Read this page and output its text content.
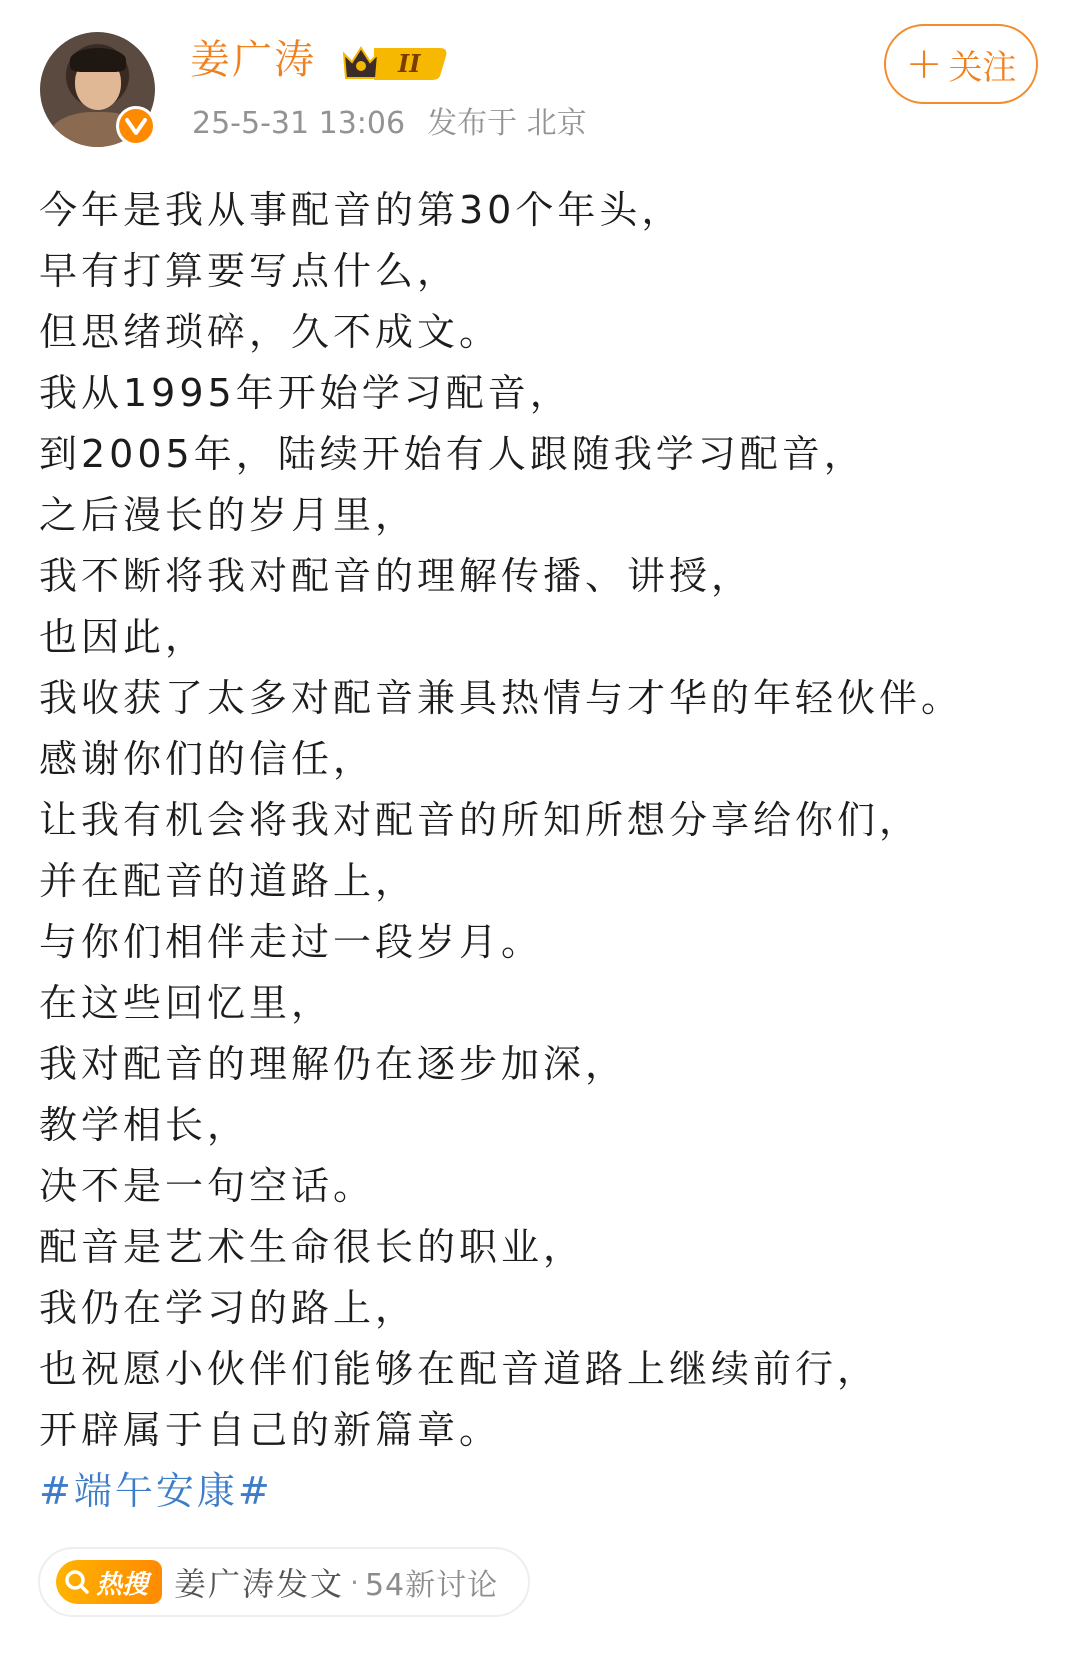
姜广涛	II
25-5-31 13:06 发布于 北京
+ 关注
今年是我从事配音的第30个年头，
早有打算要写点什么，
但思绪琐碎，久不成文。
我从1995年开始学习配音，
到2005年，陆续开始有人跟随我学习配音，
之后漫长的岁月里，
我不断将我对配音的理解传播、讲授，
也因此，
我收获了太多对配音兼具热情与才华的年轻伙伴。
感谢你们的信任，
让我有机会将我对配音的所知所想分享给你们，
并在配音的道路上，
与你们相伴走过一段岁月。
在这些回忆里，
我对配音的理解仍在逐步加深，
教学相长，
决不是一句空话。
配音是艺术生命很长的职业，
我仍在学习的路上，
也祝愿小伙伴们能够在配音道路上继续前行，
开辟属于自己的新篇章。
#端午安康#
热搜 姜广涛发文 · 54新讨论
